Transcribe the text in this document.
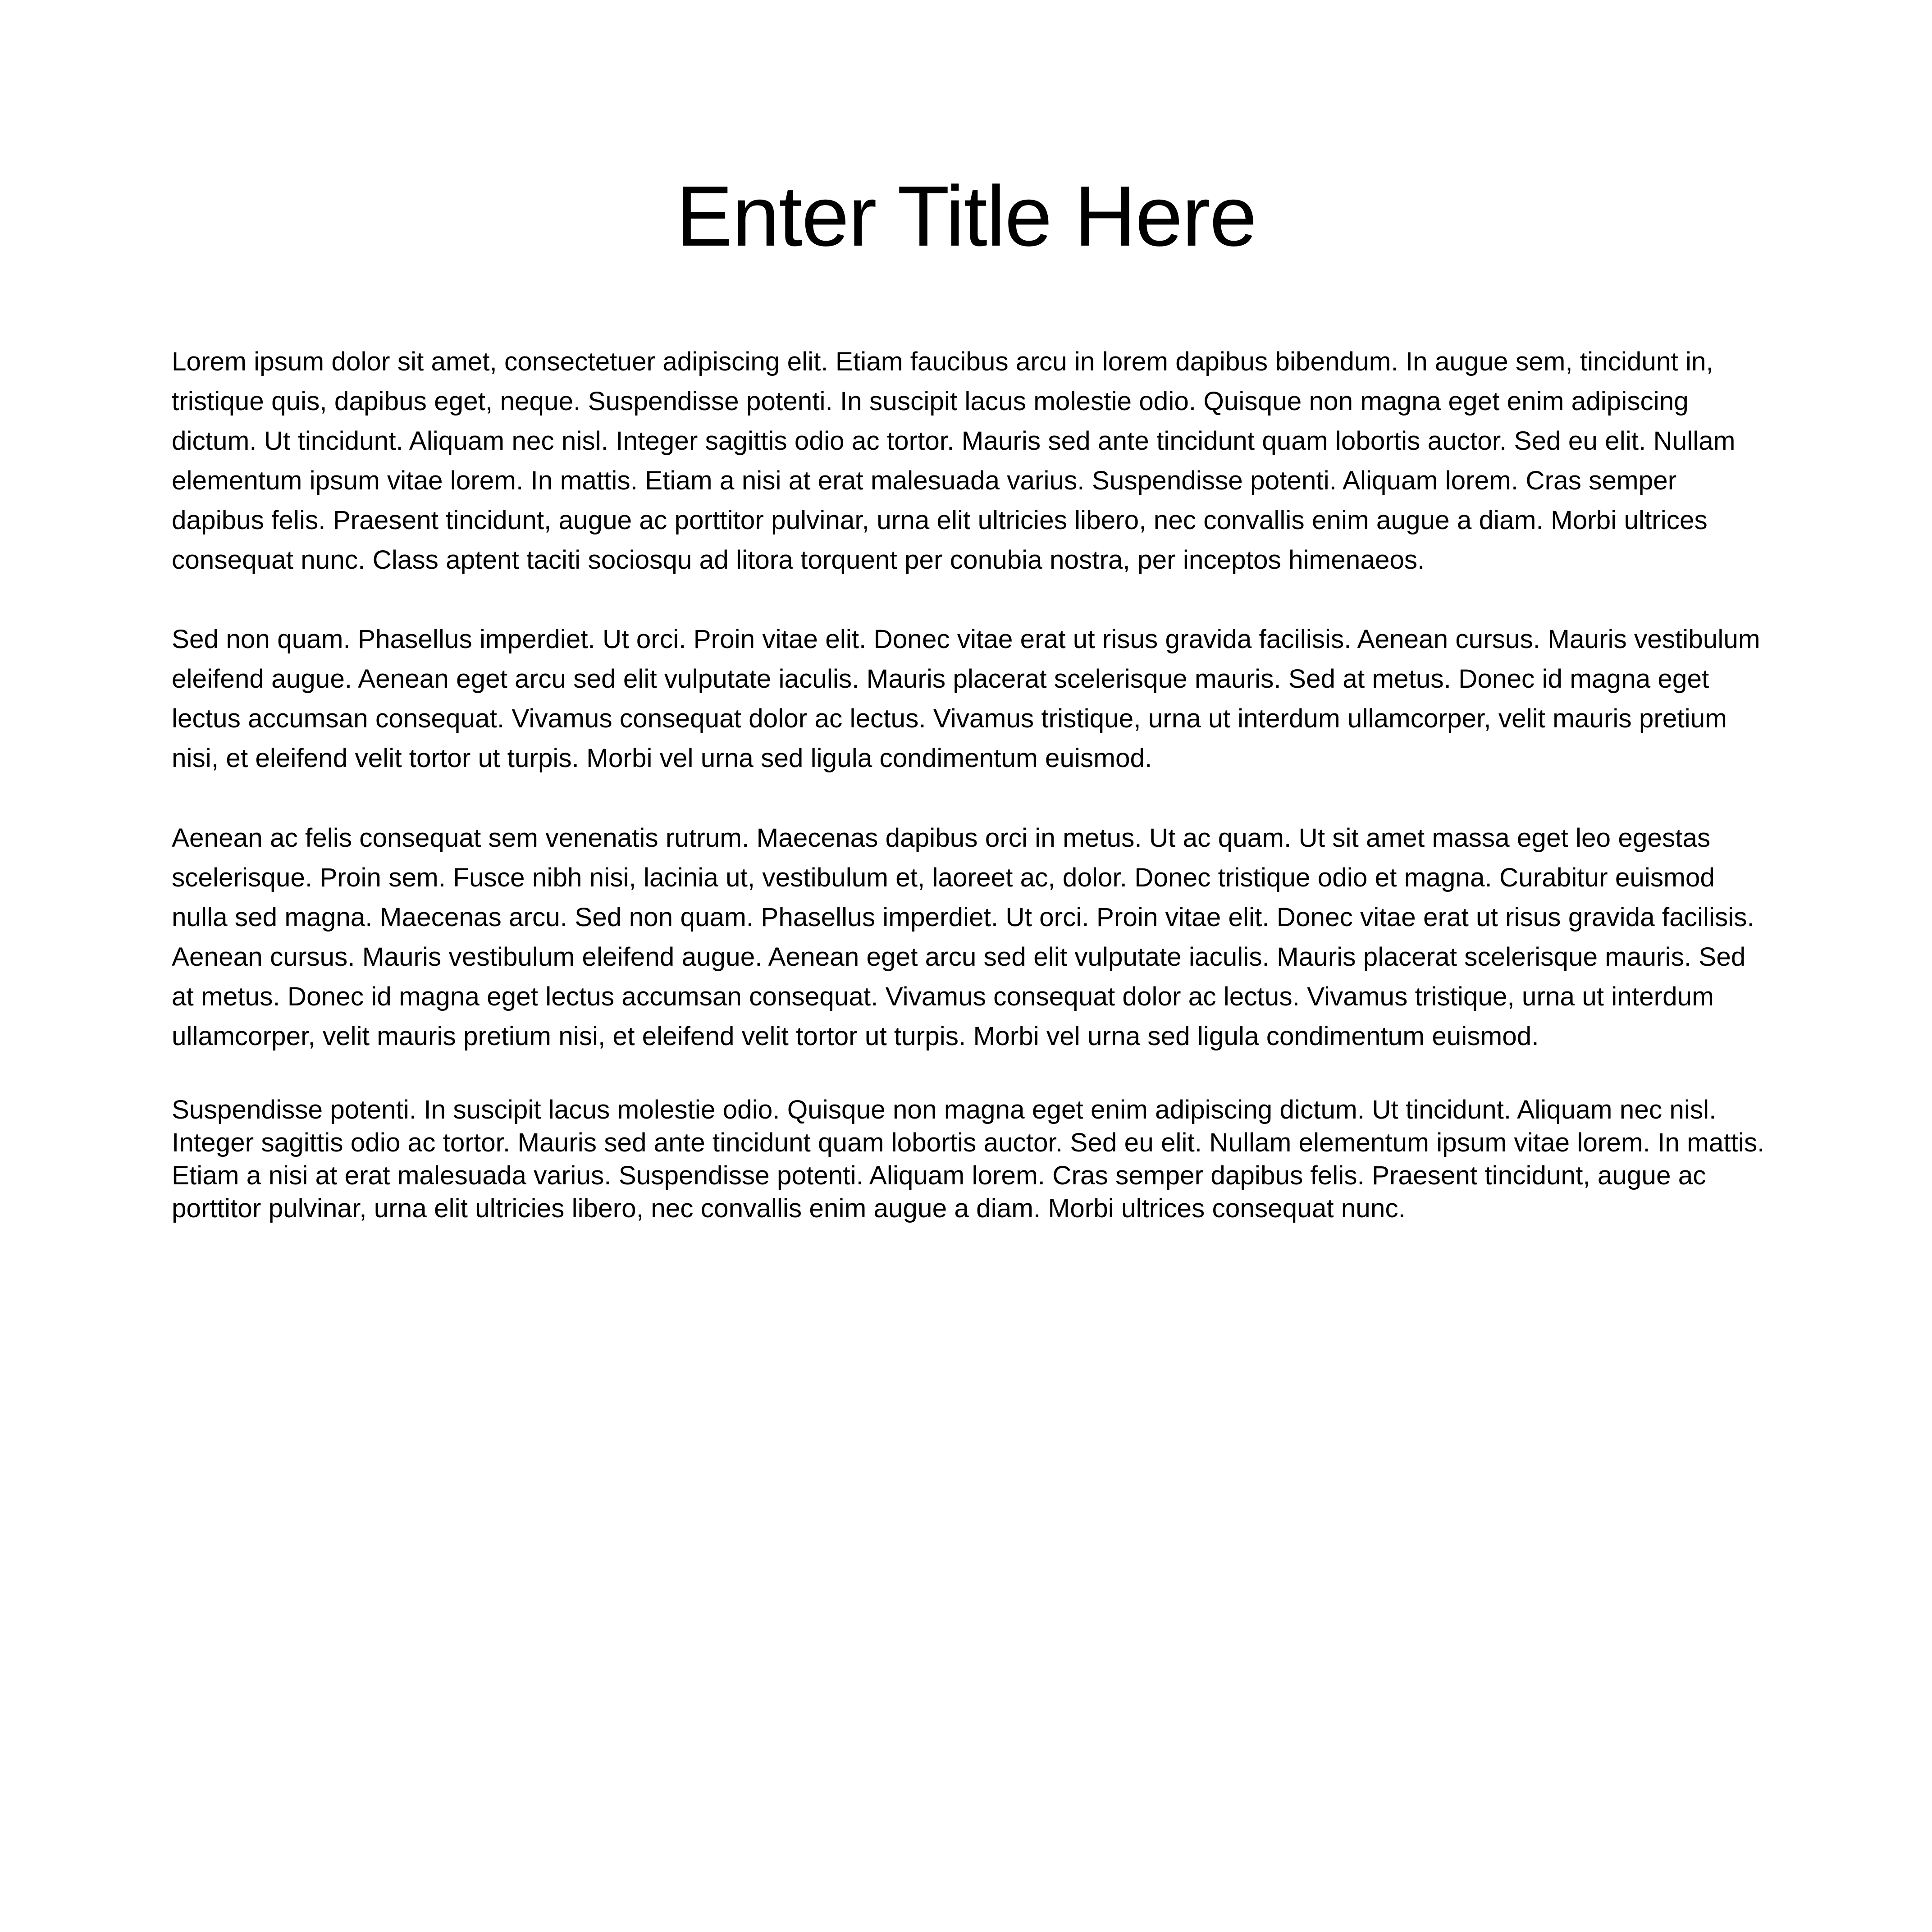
Enter Title Here

Lorem ipsum dolor sit amet, consectetuer adipiscing elit. Etiam faucibus arcu in lorem dapibus bibendum. In augue sem, tincidunt in, tristique quis, dapibus eget, neque. Suspendisse potenti. In suscipit lacus molestie odio. Quisque non magna eget enim adipiscing dictum. Ut tincidunt. Aliquam nec nisl. Integer sagittis odio ac tortor. Mauris sed ante tincidunt quam lobortis auctor. Sed eu elit. Nullam elementum ipsum vitae lorem. In mattis. Etiam a nisi at erat malesuada varius. Suspendisse potenti. Aliquam lorem. Cras semper dapibus felis. Praesent tincidunt, augue ac porttitor pulvinar, urna elit ultricies libero, nec convallis enim augue a diam. Morbi ultrices consequat nunc. Class aptent taciti sociosqu ad litora torquent per conubia nostra, per inceptos himenaeos.

Sed non quam. Phasellus imperdiet. Ut orci. Proin vitae elit. Donec vitae erat ut risus gravida facilisis. Aenean cursus. Mauris vestibulum eleifend augue. Aenean eget arcu sed elit vulputate iaculis. Mauris placerat scelerisque mauris. Sed at metus. Donec id magna eget lectus accumsan consequat. Vivamus consequat dolor ac lectus. Vivamus tristique, urna ut interdum ullamcorper, velit mauris pretium nisi, et eleifend velit tortor ut turpis. Morbi vel urna sed ligula condimentum euismod.

Aenean ac felis consequat sem venenatis rutrum. Maecenas dapibus orci in metus. Ut ac quam. Ut sit amet massa eget leo egestas scelerisque. Proin sem. Fusce nibh nisi, lacinia ut, vestibulum et, laoreet ac, dolor. Donec tristique odio et magna. Curabitur euismod nulla sed magna. Maecenas arcu. Sed non quam. Phasellus imperdiet. Ut orci. Proin vitae elit. Donec vitae erat ut risus gravida facilisis. Aenean cursus. Mauris vestibulum eleifend augue. Aenean eget arcu sed elit vulputate iaculis. Mauris placerat scelerisque mauris. Sed at metus. Donec id magna eget lectus accumsan consequat. Vivamus consequat dolor ac lectus. Vivamus tristique, urna ut interdum ullamcorper, velit mauris pretium nisi, et eleifend velit tortor ut turpis. Morbi vel urna sed ligula condimentum euismod.

Suspendisse potenti. In suscipit lacus molestie odio. Quisque non magna eget enim adipiscing dictum. Ut tincidunt. Aliquam nec nisl. Integer sagittis odio ac tortor. Mauris sed ante tincidunt quam lobortis auctor. Sed eu elit. Nullam elementum ipsum vitae lorem. In mattis. Etiam a nisi at erat malesuada varius. Suspendisse potenti. Aliquam lorem. Cras semper dapibus felis. Praesent tincidunt, augue ac porttitor pulvinar, urna elit ultricies libero, nec convallis enim augue a diam. Morbi ultrices consequat nunc.
